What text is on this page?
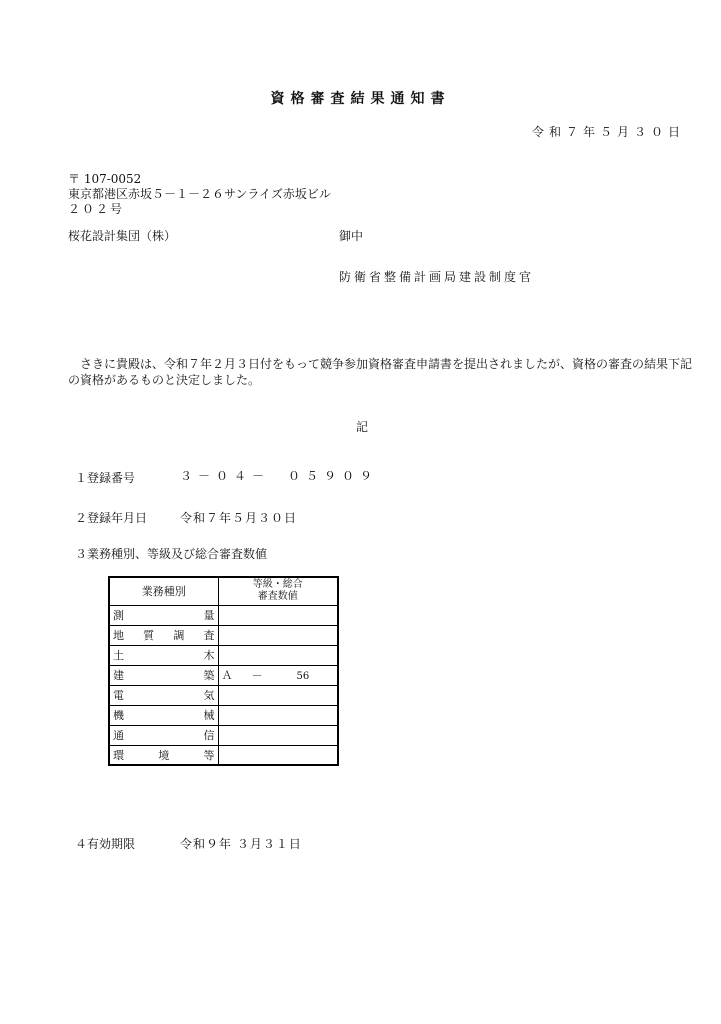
資格審査結果通知書
令和７年５月３０日
〒 107-0052
東京都港区赤坂５－１－２６サンライズ赤坂ビル
２０２号
桜花設計集団（株）	御中
防衛省整備計画局建設制度官
　さきに貴殿は、令和７年２月３日付をもって競争参加資格審査申請書を提出されましたが、資格の審査の結果下記の資格があるものと決定しました。
記
１登録番号	３－０４－　０５９０９
２登録年月日	令和７年５月３０日
３業務種別、等級及び総合審査数値
業務種別	等級・総合
審査数値

測 量	

地 質 調 査	

土 木	

建 築	Ａ － 56

電 気	

機 械	

通 信	

環 境 等	

４有効期限	令和９年 ３月３１日
